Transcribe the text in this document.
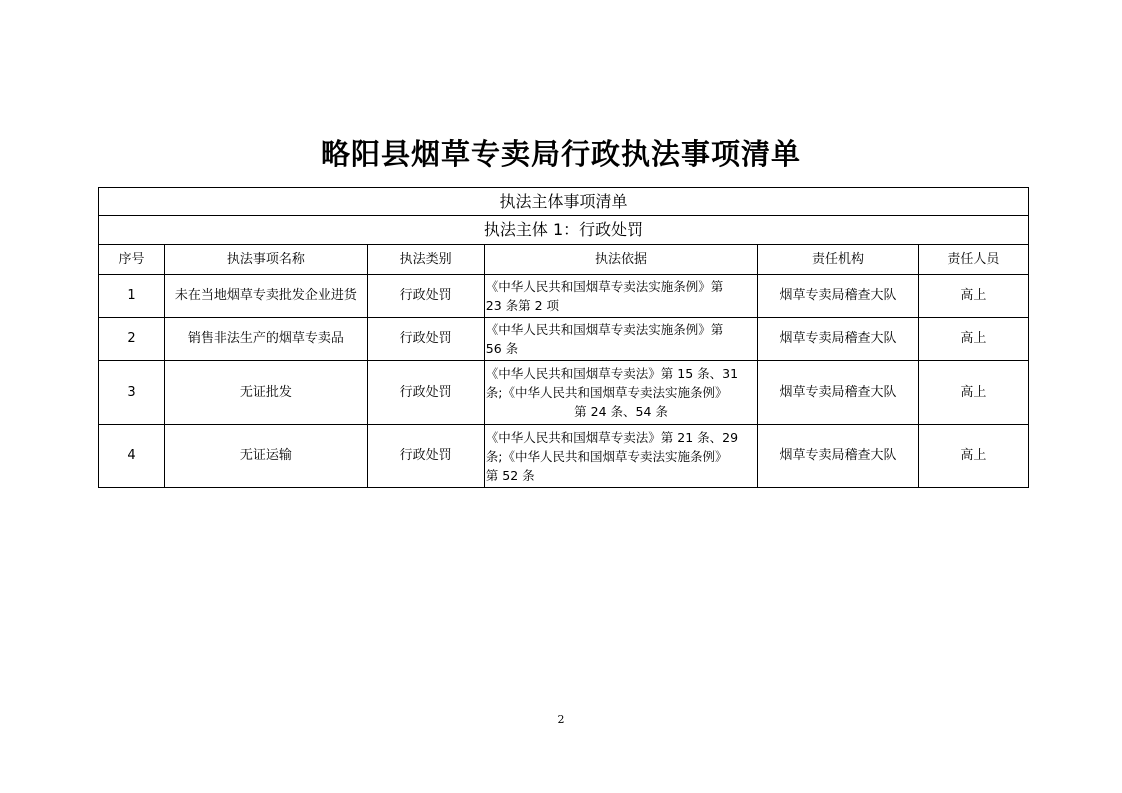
略阳县烟草专卖局行政执法事项清单
执法主体事项清单					
执法主体 1：行政处罚					
序号	执法事项名称	执法类别	执法依据	责任机构	责任人员
1	未在当地烟草专卖批发企业进货	行政处罚	《中华人民共和国烟草专卖法实施条例》第
23 条第 2 项	烟草专卖局稽查大队	高上
2	销售非法生产的烟草专卖品	行政处罚	《中华人民共和国烟草专卖法实施条例》第
56 条	烟草专卖局稽查大队	高上
3	无证批发	行政处罚	《中华人民共和国烟草专卖法》第 15 条、31
条;《中华人民共和国烟草专卖法实施条例》
第 24 条、54 条	烟草专卖局稽查大队	高上
4	无证运输	行政处罚	《中华人民共和国烟草专卖法》第 21 条、29
条;《中华人民共和国烟草专卖法实施条例》
第 52 条	烟草专卖局稽查大队	高上
2
